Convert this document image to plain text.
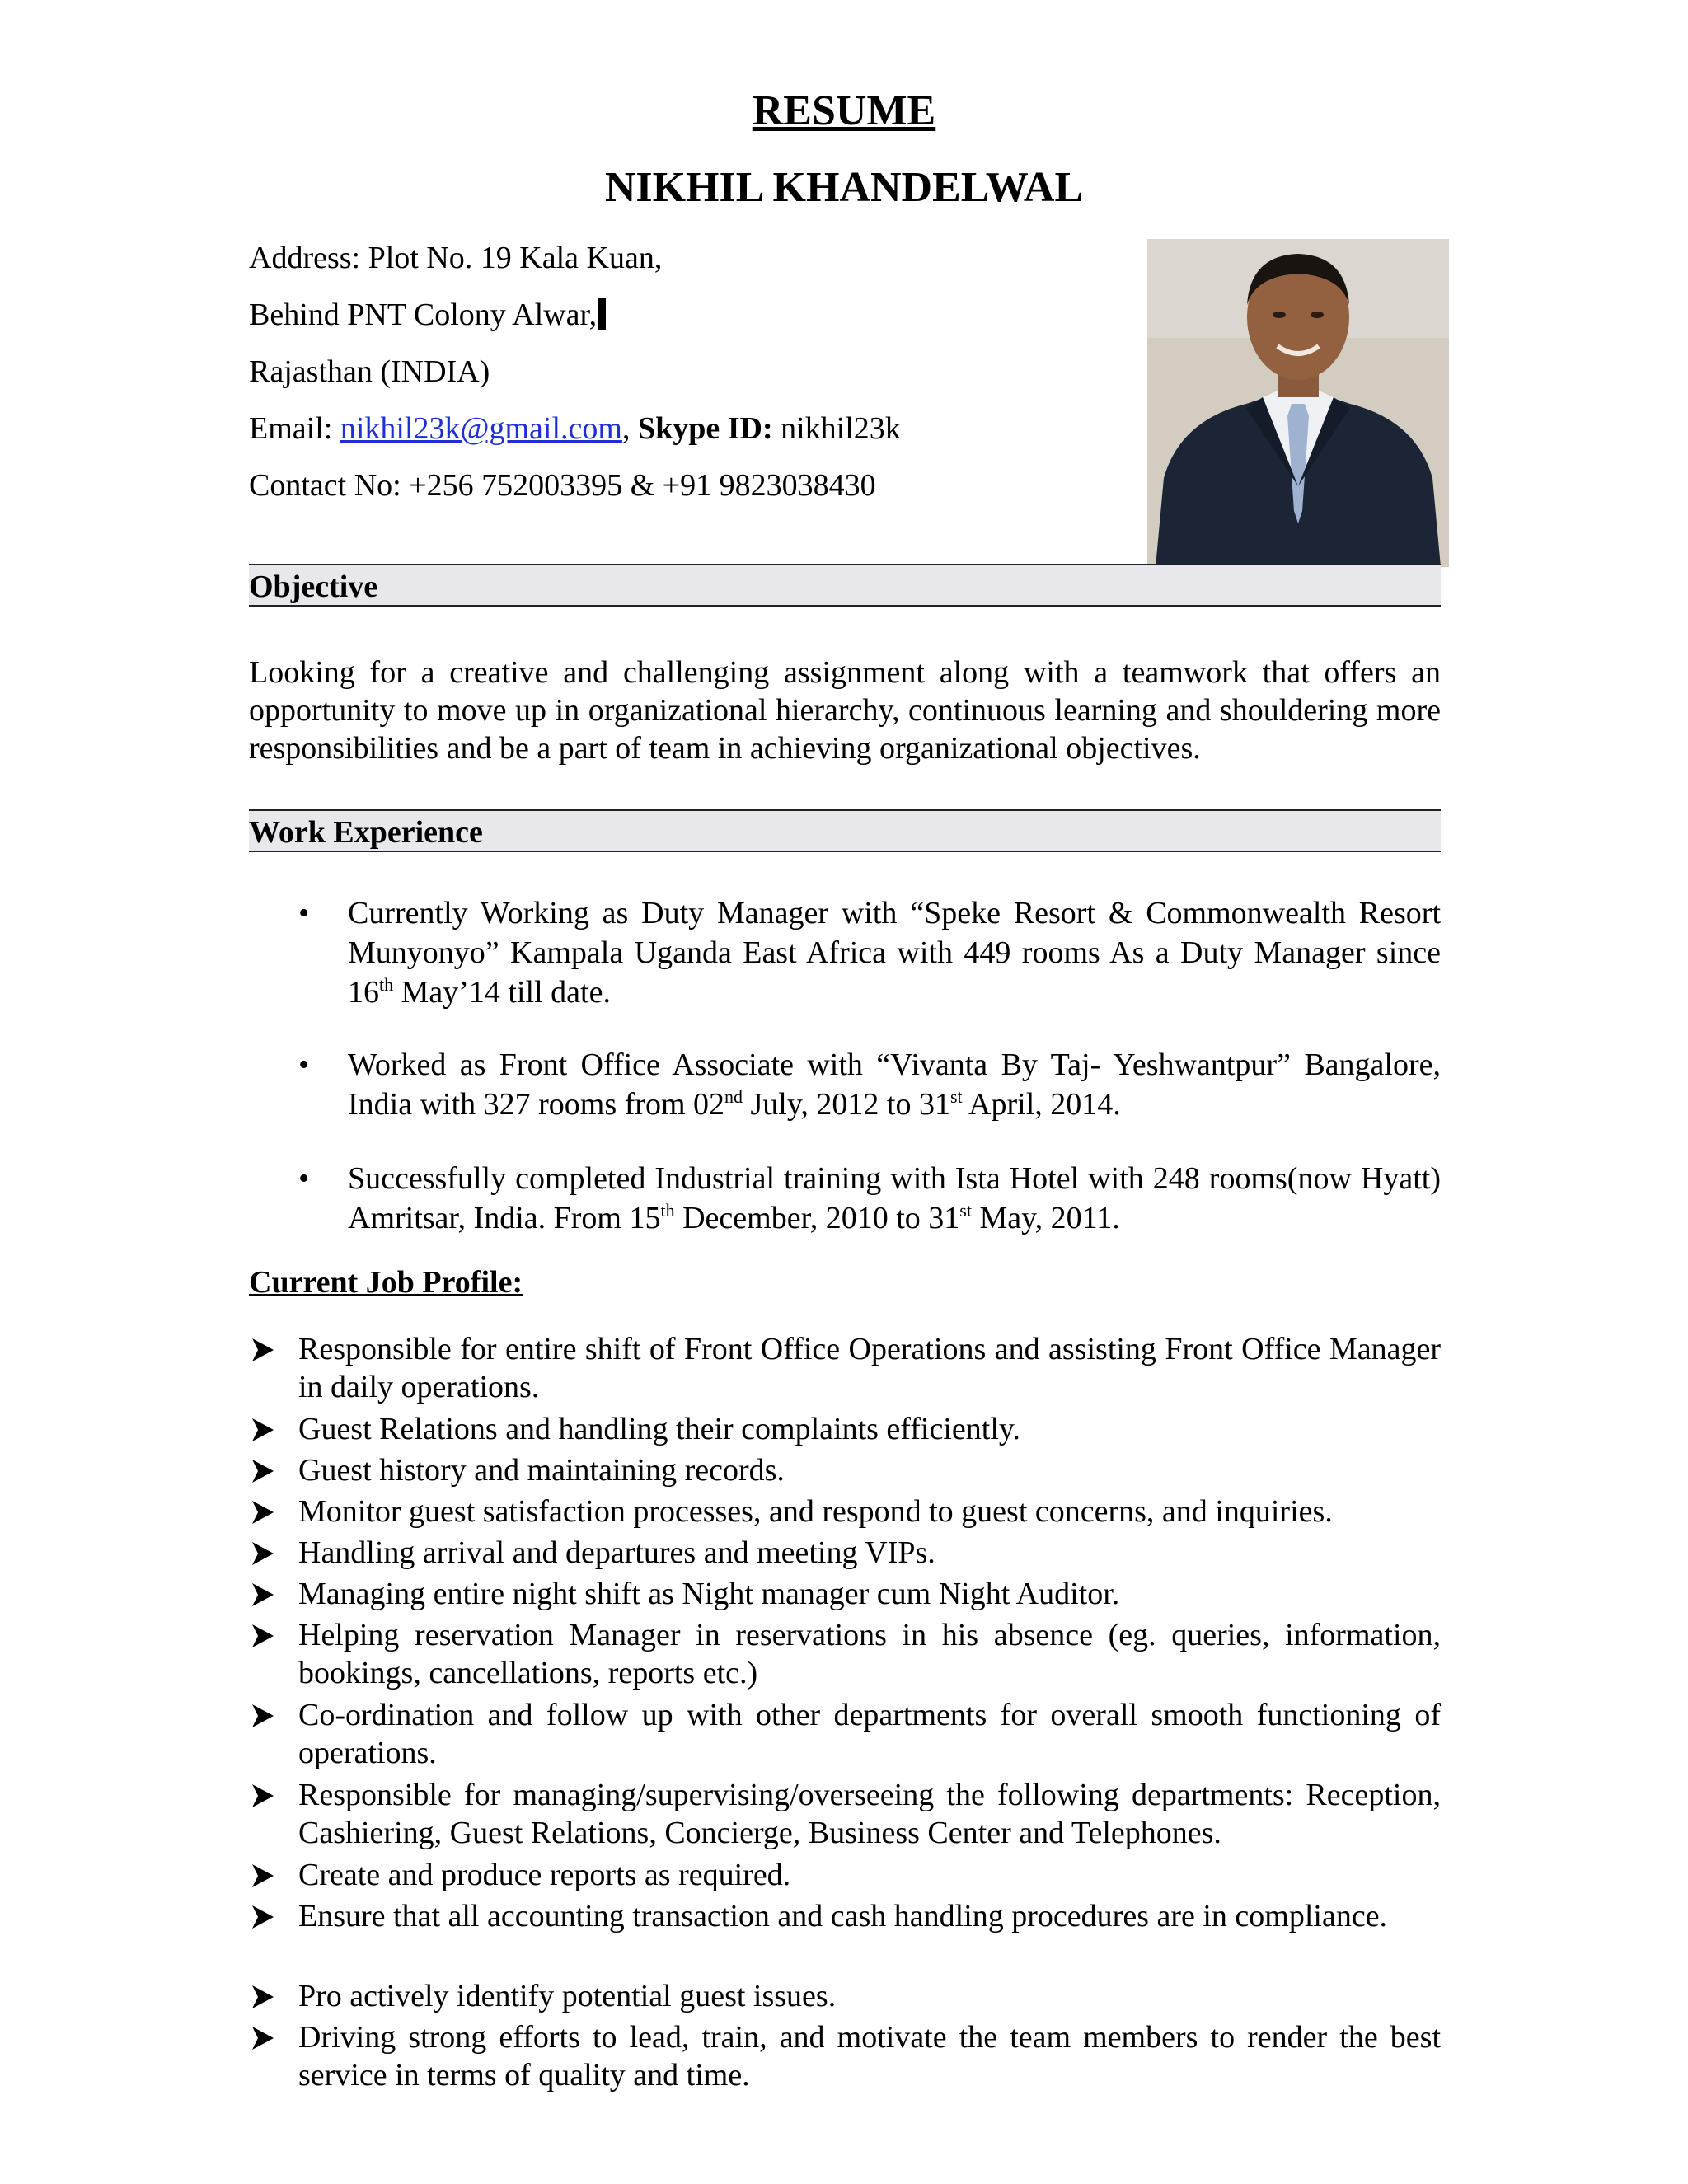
RESUME
NIKHIL KHANDELWAL
Address: Plot No. 19 Kala Kuan,
Behind PNT Colony Alwar,
Rajasthan (INDIA)
Email: nikhil23k@gmail.com, Skype ID: nikhil23k
Contact No: +256 752003395 & +91 9823038430
Objective
Looking for a creative and challenging assignment along with a teamwork that offers an opportunity to move up in organizational hierarchy, continuous learning and shouldering more responsibilities and be a part of team in achieving organizational objectives.
Work Experience
• Currently Working as Duty Manager with “Speke Resort & Commonwealth Resort Munyonyo” Kampala Uganda East Africa with 449 rooms As a Duty Manager since 16th May’14 till date.
• Worked as Front Office Associate with “Vivanta By Taj- Yeshwantpur” Bangalore, India with 327 rooms from 02nd July, 2012 to 31st April, 2014.
• Successfully completed Industrial training with Ista Hotel with 248 rooms(now Hyatt) Amritsar, India. From 15th December, 2010 to 31st May, 2011.
Current Job Profile:
Responsible for entire shift of Front Office Operations and assisting Front Office Manager in daily operations.
Guest Relations and handling their complaints efficiently.
Guest history and maintaining records.
Monitor guest satisfaction processes, and respond to guest concerns, and inquiries.
Handling arrival and departures and meeting VIPs.
Managing entire night shift as Night manager cum Night Auditor.
Helping reservation Manager in reservations in his absence (eg. queries, information, bookings, cancellations, reports etc.)
Co-ordination and follow up with other departments for overall smooth functioning of operations.
Responsible for managing/supervising/overseeing the following departments: Reception, Cashiering, Guest Relations, Concierge, Business Center and Telephones.
Create and produce reports as required.
Ensure that all accounting transaction and cash handling procedures are in compliance.
Pro actively identify potential guest issues.
Driving strong efforts to lead, train, and motivate the team members to render the best service in terms of quality and time.
